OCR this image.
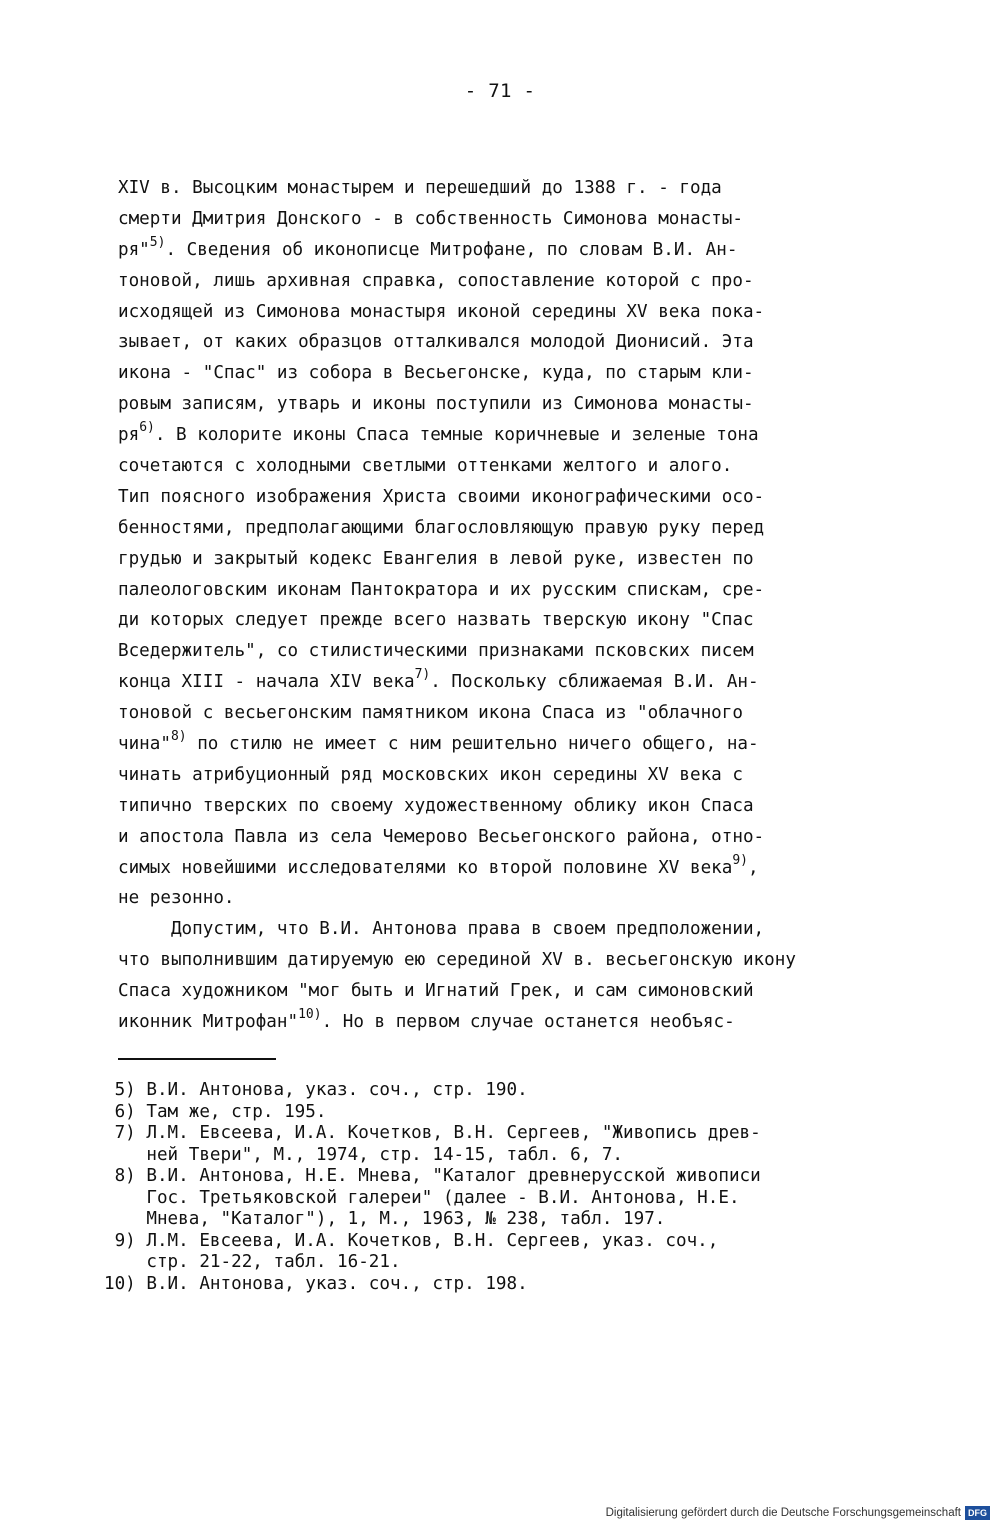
- 71 -
XIV в. Высоцким монастырем и перешедший до 1388 г. - года
смерти Дмитрия Донского - в собственность Симонова монасты-
ря"$^{5)}$. Сведения об иконописце Митрофане, по словам В.И. Ан-
тоновой, лишь архивная справка, сопоставление которой с про-
исходящей из Симонова монастыря иконой середины XV века пока-
зывает, от каких образцов отталкивался молодой Дионисий. Эта
икона - "Спас" из собора в Весьегонске, куда, по старым кли-
ровым записям, утварь и иконы поступили из Симонова монасты-
$ря^{6)}$. В колорите иконы Спаса темные коричневые и зеленые тона
сочетаются с холодными светлыми оттенками желтого и алого.
Тип поясного изображения Христа своими иконографическими осо-
бенностями, предполагающими благословляющую правую руку перед
грудью и закрытый кодекс Евангелия в левой руке, известен по
палеологовским иконам Пантократора и их русским спискам, сре-
ди которых следует прежде всего назвать тверскую икону "Спас
Вседержитель", со стилистическими признаками псковских писем
конца XIII - начала XIV века$^{7)}$. Поскольку сближаемая В.И. Ан-
тоновой с весьегонским памятником икона Спаса из "облачного
чина"$^{8)}$ по стилю не имеет с ним решительно ничего общего, на-
чинать атрибуционный ряд московских икон середины XV века с
типично тверских по своему художественному облику икон Спаса
и апостола Павла из села Чемерово Весьегонского района, отно-
симых новейшими исследователями ко второй половине XV века$^{9)}$,
не резонно.
Допустим, что В.И. Антонова права в своем предположении,
что выполнившим датируемую ею серединой XV в. весьегонскую икону
Спаса художником "мог быть и Игнатий Грек, и сам симоновский
иконник Митрофан"$^{10)}$. Но в первом случае останется необъяс-
5) В.И. Антонова, указ. соч., стр. 190.
6) Там же, стр. 195.
7) Л.М. Евсеева, И.А. Кочетков, В.Н. Сергеев, "Живопись древ-
ней Твери", М., 1974, стр. 14-15, табл. 6, 7.
8) В.И. Антонова, Н.Е. Мнева, "Каталог древнерусской живописи
Гос. Третьяковской галереи" (далее - В.И. Антонова, Н.Е.
Мнева, "Каталог"), 1, М., 1963, № 238, табл. 197.
9) Л.М. Евсеева, И.А. Кочетков, В.Н. Сергеев, указ. соч.,
стр. 21-22, табл. 16-21.
10) В.И. Антонова, указ. соч., стр. 198.
Digitalisierung gefördert durch die Deutsche Forschungsgemeinschaft DFG
